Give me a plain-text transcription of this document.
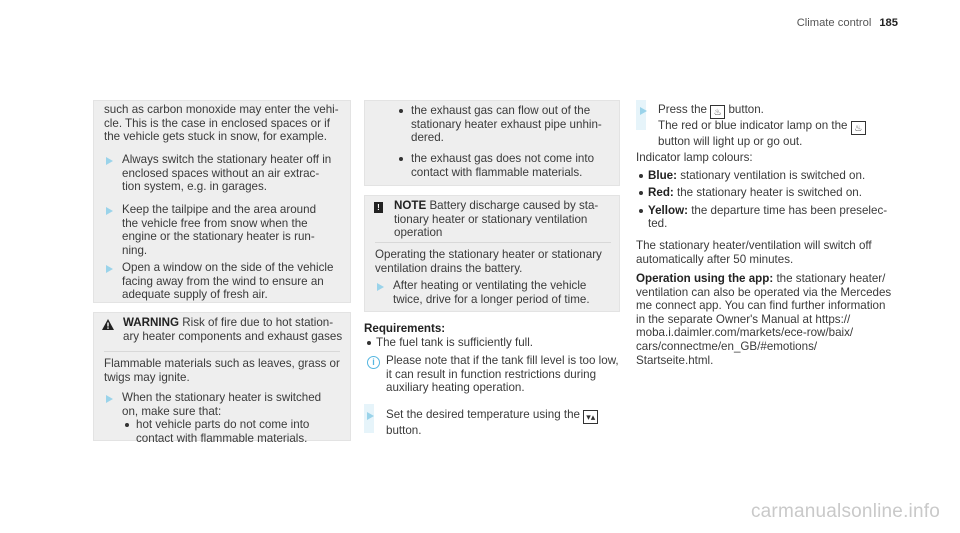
Climate control 185
such as carbon monoxide may enter the vehi-
cle. This is the case in enclosed spaces or if
the vehicle gets stuck in snow, for example.
Always switch the stationary heater off in
enclosed spaces without an air extrac-
tion system, e.g. in garages.
Keep the tailpipe and the area around
the vehicle free from snow when the
engine or the stationary heater is run-
ning.
Open a window on the side of the vehicle
facing away from the wind to ensure an
adequate supply of fresh air.
WARNING Risk of fire due to hot station-
ary heater components and exhaust gases
Flammable materials such as leaves, grass or
twigs may ignite.
When the stationary heater is switched
on, make sure that:
hot vehicle parts do not come into
contact with flammable materials.
the exhaust gas can flow out of the
stationary heater exhaust pipe unhin-
dered.
the exhaust gas does not come into
contact with flammable materials.
! NOTE Battery discharge caused by sta-
tionary heater or stationary ventilation
operation
Operating the stationary heater or stationary
ventilation drains the battery.
After heating or ventilating the vehicle
twice, drive for a longer period of time.
Requirements:
The fuel tank is sufficiently full.
i Please note that if the tank fill level is too low,
it can result in function restrictions during
auxiliary heating operation.
Set the desired temperature using the ▾▴
button.
Press the ♨ button.
The red or blue indicator lamp on the ♨
button will light up or go out.
Indicator lamp colours:
Blue: stationary ventilation is switched on.
Red: the stationary heater is switched on.
Yellow: the departure time has been preselec-
ted.
The stationary heater/ventilation will switch off
automatically after 50 minutes.
Operation using the app: the stationary heater/
ventilation can also be operated via the Mercedes
me connect app. You can find further information
in the separate Owner's Manual at https://
moba.i.daimler.com/markets/ece-row/baix/
cars/connectme/en_GB/#emotions/
Startseite.html.
carmanualsonline.info
